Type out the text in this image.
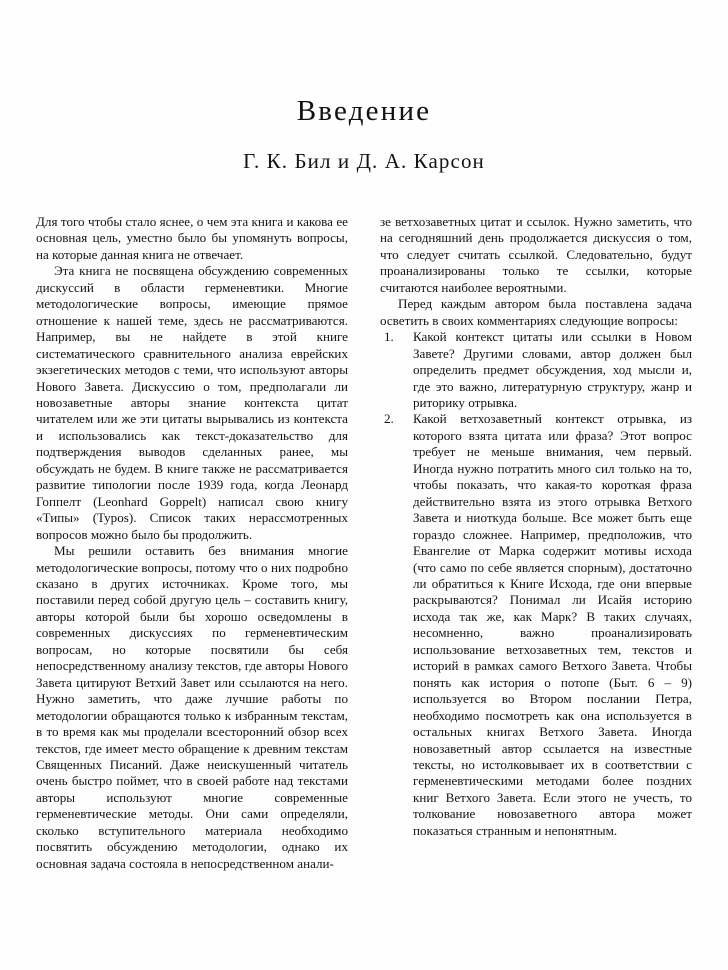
Введение
Г. К. Бил и Д. А. Карсон

Для того чтобы стало яснее, о чем эта книга и какова ее основная цель, уместно было бы упомянуть вопросы, на которые данная книга не отвечает.

Эта книга не посвящена обсуждению современных дискуссий в области герменевтики. Многие методологические вопросы, имеющие прямое отношение к нашей теме, здесь не рассматриваются. Например, вы не найдете в этой книге систематического сравнительного анализа еврейских экзегетических методов с теми, что используют авторы Нового Завета. Дискуссию о том, предполагали ли новозаветные авторы знание контекста цитат читателем или же эти цитаты вырывались из контекста и использовались как текст-доказательство для подтверждения выводов сделанных ранее, мы обсуждать не будем. В книге также не рассматривается развитие типологии после 1939 года, когда Леонард Гоппелт (Leonhard Goppelt) написал свою книгу «Типы» (Typos). Список таких нерассмотренных вопросов можно было бы продолжить.

Мы решили оставить без внимания многие методологические вопросы, потому что о них подробно сказано в других источниках. Кроме того, мы поставили перед собой другую цель – составить книгу, авторы которой были бы хорошо осведомлены в современных дискуссиях по герменевтическим вопросам, но которые посвятили бы себя непосредственному анализу текстов, где авторы Нового Завета цитируют Ветхий Завет или ссылаются на него. Нужно заметить, что даже лучшие работы по методологии обращаются только к избранным текстам, в то время как мы проделали всесторонний обзор всех текстов, где имеет место обращение к древним текстам Священных Писаний. Даже неискушенный читатель очень быстро поймет, что в своей работе над текстами авторы используют многие современные герменевтические методы. Они сами определяли, сколько вступительного материала необходимо посвятить обсуждению методологии, однако их основная задача состояла в непосредственном анали-

зе ветхозаветных цитат и ссылок. Нужно заметить, что на сегодняшний день продолжается дискуссия о том, что следует считать ссылкой. Следовательно, будут проанализированы только те ссылки, которые считаются наиболее вероятными.

Перед каждым автором была поставлена задача осветить в своих комментариях следующие вопросы:

1.	Какой контекст цитаты или ссылки в Новом Завете? Другими словами, автор должен был определить предмет обсуждения, ход мысли и, где это важно, литературную структуру, жанр и риторику отрывка.
2.	Какой ветхозаветный контекст отрывка, из которого взята цитата или фраза? Этот вопрос требует не меньше внимания, чем первый. Иногда нужно потратить много сил только на то, чтобы показать, что какая-то короткая фраза действительно взята из этого отрывка Ветхого Завета и ниоткуда больше. Все может быть еще гораздо сложнее. Например, предположив, что Евангелие от Марка содержит мотивы исхода (что само по себе является спорным), достаточно ли обратиться к Книге Исхода, где они впервые раскрываются? Понимал ли Исайя историю исхода так же, как Марк? В таких случаях, несомненно, важно проанализировать использование ветхозаветных тем, текстов и историй в рамках самого Ветхого Завета. Чтобы понять как история о потопе (Быт. 6 – 9) используется во Втором послании Петра, необходимо посмотреть как она используется в остальных книгах Ветхого Завета. Иногда новозаветный автор ссылается на известные тексты, но истолковывает их в соответствии с герменевтическими методами более поздних книг Ветхого Завета. Если этого не учесть, то толкование новозаветного автора может показаться странным и непонятным.
